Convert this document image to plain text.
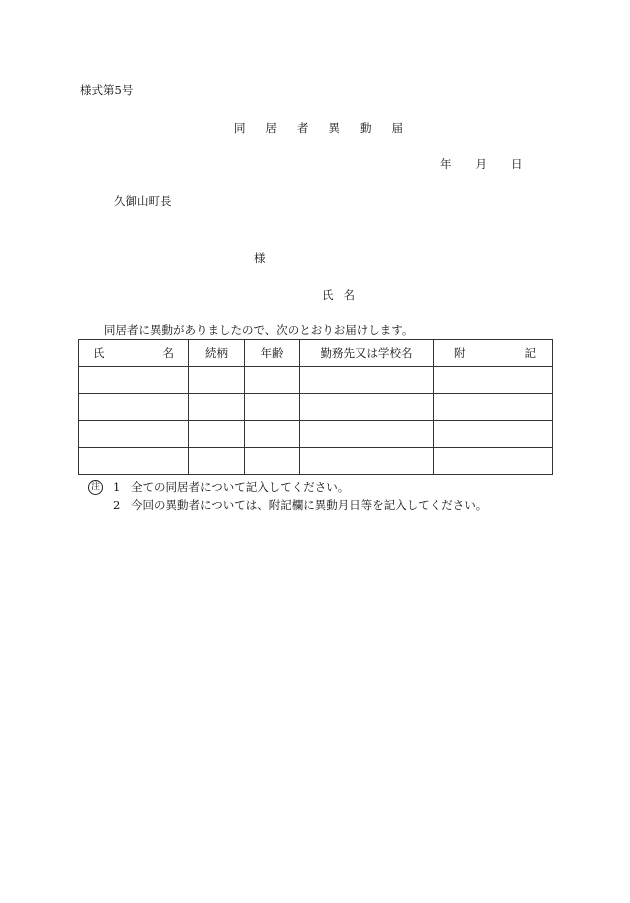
様式第5号
同 居 者 異 動 届
年 月 日
久御山町長
様
氏 名
同居者に異動がありましたので、次のとおりお届けします。
氏 名	続柄	年齢	勤務先又は学校名	附 記

注 1 全ての同居者について記入してください。
2 今回の異動者については、附記欄に異動月日等を記入してください。
